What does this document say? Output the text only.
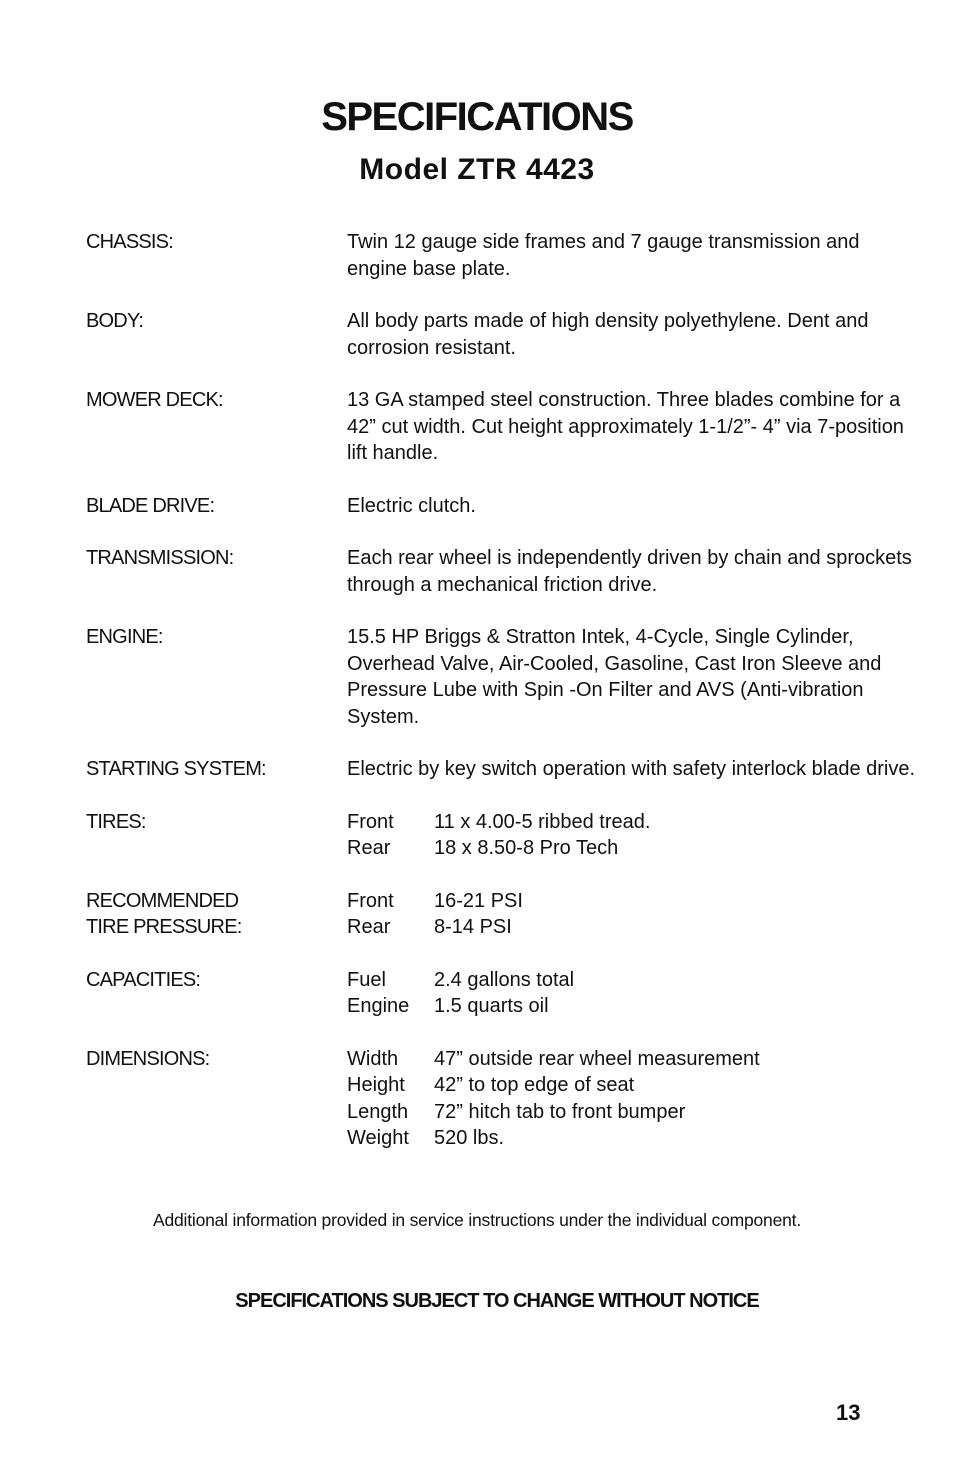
SPECIFICATIONS
Model ZTR 4423
CHASSIS:	Twin 12 gauge side frames and 7 gauge transmission and engine base plate.
BODY:	All body parts made of high density polyethylene. Dent and corrosion resistant.
MOWER DECK:	13 GA stamped steel construction. Three blades combine for a 42” cut width. Cut height approximately 1-1/2”- 4” via 7-position lift handle.
BLADE DRIVE:	Electric clutch.
TRANSMISSION:	Each rear wheel is independently driven by chain and sprockets through a mechanical friction drive.
ENGINE:	15.5 HP Briggs & Stratton Intek, 4-Cycle, Single Cylinder, Overhead Valve, Air-Cooled, Gasoline, Cast Iron Sleeve and Pressure Lube with Spin -On Filter and AVS (Anti-vibration System.
STARTING SYSTEM:	Electric by key switch operation with safety interlock blade drive.
TIRES:	Front	11 x 4.00-5 ribbed tread.
Rear	18 x 8.50-8 Pro Tech
RECOMMENDED
TIRE PRESSURE:
Front	16-21 PSI
Rear	8-14 PSI
CAPACITIES:	Fuel	2.4 gallons total
Engine	1.5 quarts oil
DIMENSIONS:	Width	47” outside rear wheel measurement
Height	42” to top edge of seat
Length	72” hitch tab to front bumper
Weight	520 lbs.
Additional information provided in service instructions under the individual component.
SPECIFICATIONS SUBJECT TO CHANGE WITHOUT NOTICE
13
